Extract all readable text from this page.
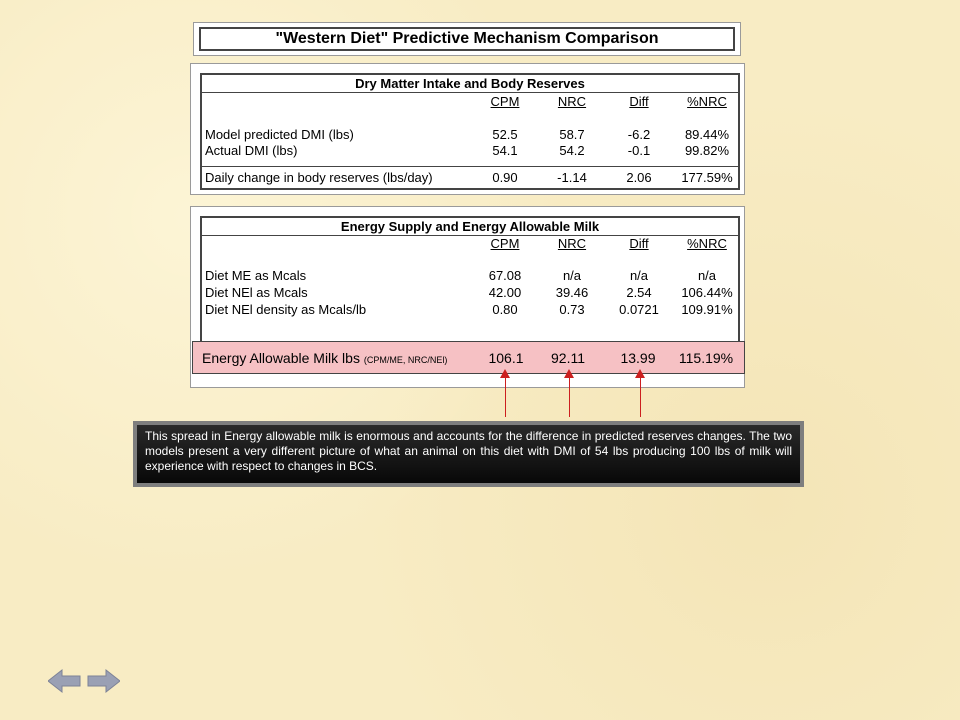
"Western Diet" Predictive Mechanism Comparison
Dry Matter Intake and Body Reserves
CPM	NRC	Diff	%NRC
Model predicted DMI (lbs)	52.5	58.7	-6.2	89.44%
Actual DMI (lbs)	54.1	54.2	-0.1	99.82%
Daily change in body reserves (lbs/day)	0.90	-1.14	2.06	177.59%
Energy Supply and Energy Allowable Milk
CPM	NRC	Diff	%NRC
Diet ME as Mcals	67.08	n/a	n/a	n/a
Diet NEl as Mcals	42.00	39.46	2.54	106.44%
Diet NEl density as Mcals/lb	0.80	0.73	0.0721	109.91%
Energy Allowable Milk lbs (CPM/ME, NRC/NEl)	106.1	92.11	13.99	115.19%
This spread in Energy allowable milk is enormous and accounts for the difference in predicted reserves changes. The two models present a very different picture of what an animal on this diet with DMI of 54 lbs producing 100 lbs of milk will experience with respect to changes in BCS.
